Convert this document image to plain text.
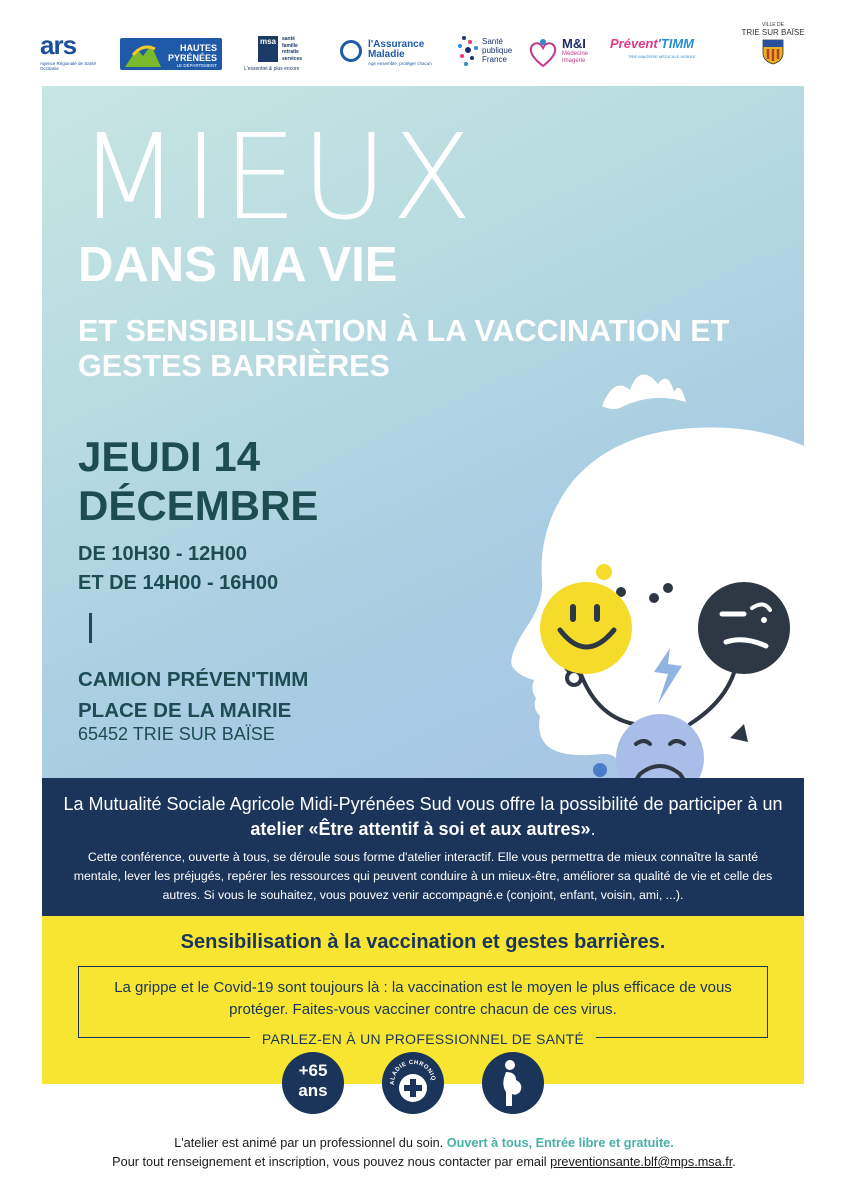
ars
Agence Régionale de Santé Occitanie
HAUTES
PYRÉNÉES
LE DÉPARTEMENT
msa	santé
famille
retraite
services
L'essentiel & plus encore
l'Assurance
Maladie
Agir ensemble, protéger chacun
Santé
publique
France
M&I
Médecine
Imagerie
Prévent'TIMM
TRIE IMAGERIE MÉDICALE MOBILE
VILLE DE
TRIE SUR BAÏSE
MIEUX
DANS MA VIE
ET SENSIBILISATION À LA VACCINATION ET GESTES BARRIÈRES
JEUDI 14
DÉCEMBRE
DE 10H30 - 12H00
ET DE 14H00 - 16H00
CAMION PRÉVEN'TIMM
PLACE DE LA MAIRIE
65452 TRIE SUR BAÏSE
La Mutualité Sociale Agricole Midi-Pyrénées Sud vous offre la possibilité de participer à un atelier «Être attentif à soi et aux autres».
Cette conférence, ouverte à tous, se déroule sous forme d'atelier interactif. Elle vous permettra de mieux connaître la santé mentale, lever les préjugés, repérer les ressources qui peuvent conduire à un mieux-être, améliorer sa qualité de vie et celle des autres. Si vous le souhaitez, vous pouvez venir accompagné.e (conjoint, enfant, voisin, ami, ...).
Sensibilisation à la vaccination et gestes barrières.

La grippe et le Covid-19 sont toujours là : la vaccination est le moyen le plus efficace de vous protéger. Faites-vous vacciner contre chacun de ces virus.

PARLEZ-EN À UN PROFESSIONNEL DE SANTÉ
+65
ans	ALADIE CHRONIQ
L'atelier est animé par un professionnel du soin. Ouvert à tous, Entrée libre et gratuite.
Pour tout renseignement et inscription, vous pouvez nous contacter par email preventionsante.blf@mps.msa.fr.
